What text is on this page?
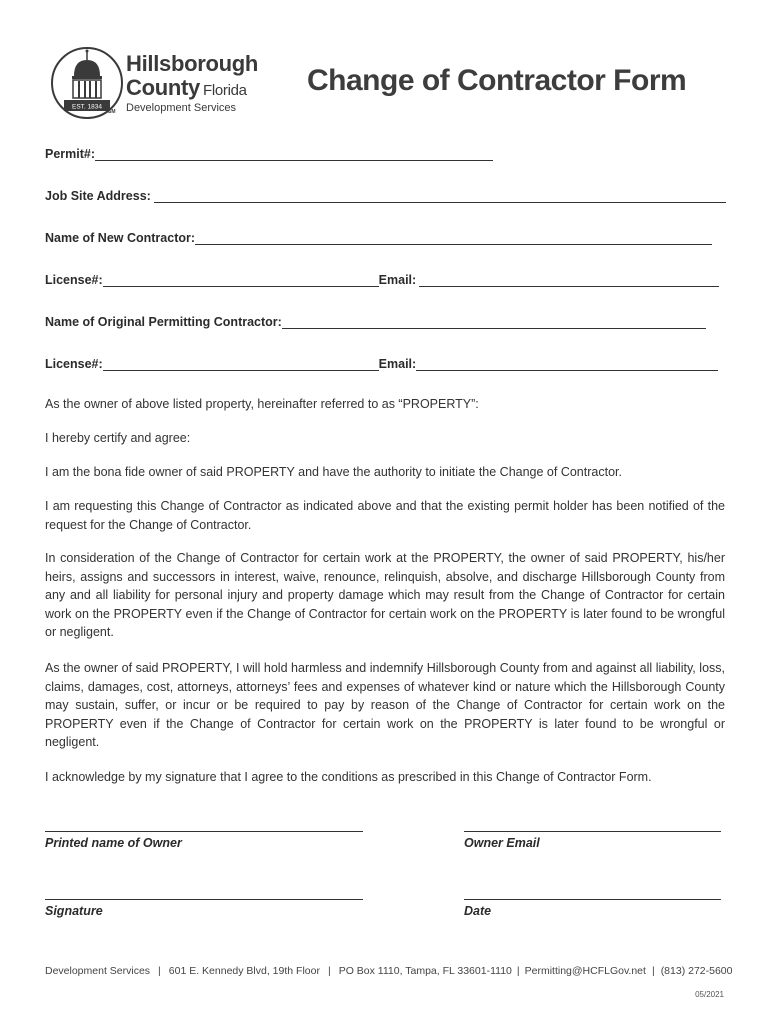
EST. 1834
Hillsborough
County Florida
SM Development Services
Change of Contractor Form
Permit#:
Job Site Address:
Name of New Contractor:
License#:	Email:
Name of Original Permitting Contractor:
License#:	Email:

As the owner of above listed property, hereinafter referred to as “PROPERTY”:

I hereby certify and agree:

I am the bona fide owner of said PROPERTY and have the authority to initiate the Change of Contractor.

I am requesting this Change of Contractor as indicated above and that the existing permit holder has been notified of the request for the Change of Contractor.

In consideration of the Change of Contractor for certain work at the PROPERTY, the owner of said PROPERTY, his/her heirs, assigns and successors in interest, waive, renounce, relinquish, absolve, and discharge Hillsborough County from any and all liability for personal injury and property damage which may result from the Change of Contractor for certain work on the PROPERTY even if the Change of Contractor for certain work on the PROPERTY is later found to be wrongful or negligent.

As the owner of said PROPERTY, I will hold harmless and indemnify Hillsborough County from and against all liability, loss, claims, damages, cost, attorneys, attorneys’ fees and expenses of whatever kind or nature which the Hillsborough County may sustain, suffer, or incur or be required to pay by reason of the Change of Contractor for certain work on the PROPERTY even if the Change of Contractor for certain work on the PROPERTY is later found to be wrongful or negligent.

I acknowledge by my signature that I agree to the conditions as prescribed in this Change of Contractor Form.

Printed name of Owner	Owner Email
Signature	Date
Development Services | 601 E. Kennedy Blvd, 19th Floor | PO Box 1110, Tampa, FL 33601-1110 | Permitting@HCFLGov.net | (813) 272-5600
05/2021
